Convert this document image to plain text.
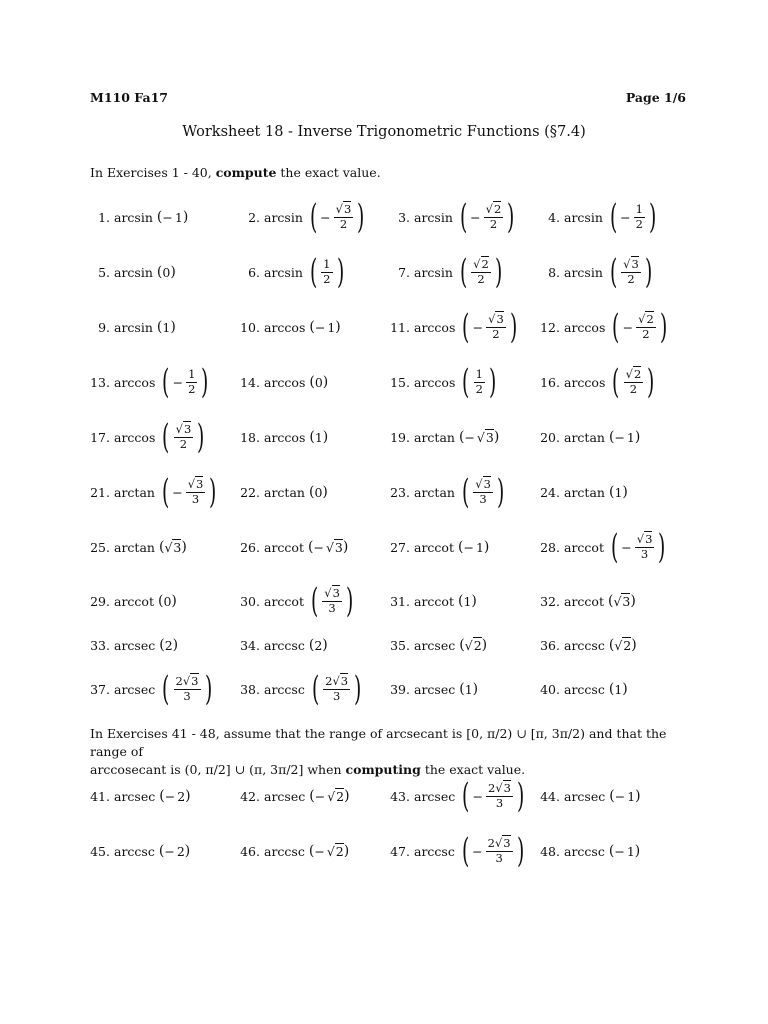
M110 Fa17	Page 1/6
Worksheet 18 - Inverse Trigonometric Functions (§7.4)
In Exercises 1 - 40, compute the exact value.
1. arcsin ( − 1 )	2. arcsin ( − $\frac{√3}{2}$ )	3. arcsin ( − $\frac{√2}{2}$ )	4. arcsin ( − $\frac{1}{2}$ )
5. arcsin ( 0 )	6. arcsin ( $\frac{1}{2}$ )	7. arcsin ( $\frac{√2}{2}$ )	8. arcsin ( $\frac{√3}{2}$ )
9. arcsin ( 1 )	10. arccos ( − 1 )	11. arccos ( − $\frac{√3}{2}$ )	12. arccos ( − $\frac{√2}{2}$ )
13. arccos ( − $\frac{1}{2}$ )	14. arccos ( 0 )	15. arccos ( $\frac{1}{2}$ )	16. arccos ( $\frac{√2}{2}$ )
17. arccos ( $\frac{√3}{2}$ )	18. arccos ( 1 )	19. arctan ( − √3 )	20. arctan ( − 1 )
21. arctan ( − $\frac{√3}{3}$ )	22. arctan ( 0 )	23. arctan ( $\frac{√3}{3}$ )	24. arctan ( 1 )
25. arctan ( √3 )	26. arccot ( − √3 )	27. arccot ( − 1 )	28. arccot ( − $\frac{√3}{3}$ )
29. arccot ( 0 )	30. arccot ( $\frac{√3}{3}$ )	31. arccot ( 1 )	32. arccot ( √3 )
33. arcsec ( 2 )	34. arccsc ( 2 )	35. arcsec ( √2 )	36. arccsc ( √2 )
37. arcsec ( $\frac{2√3}{3}$ )	38. arccsc ( $\frac{2√3}{3}$ )	39. arcsec ( 1 )	40. arccsc ( 1 )
In Exercises 41 - 48, assume that the range of arcsecant is [0, π/2) ∪ [π, 3π/2) and that the range of
arccosecant is (0, π/2] ∪ (π, 3π/2] when computing the exact value.
41. arcsec ( − 2 )	42. arcsec ( − √2 )	43. arcsec ( − $\frac{2√3}{3}$ )	44. arcsec ( − 1 )
45. arccsc ( − 2 )	46. arccsc ( − √2 )	47. arccsc ( − $\frac{2√3}{3}$ )	48. arccsc ( − 1 )
